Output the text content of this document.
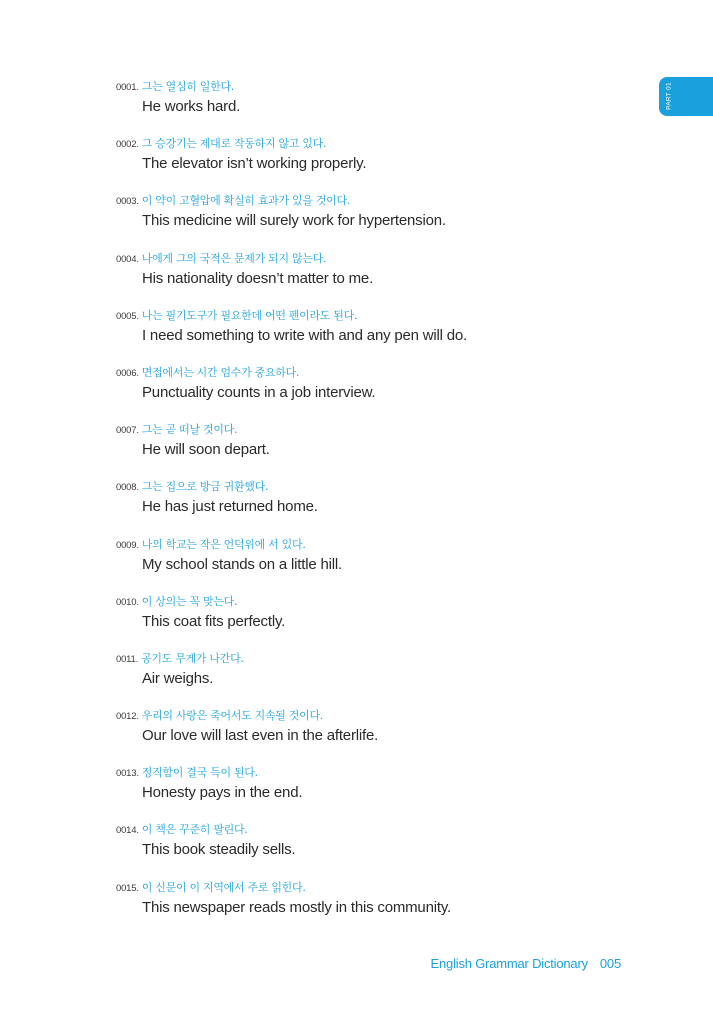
PART 01
0001. 그는 열심히 일한다.
He works hard.
0002. 그 승강기는 제대로 작동하지 않고 있다.
The elevator isn’t working properly.
0003. 이 약이 고혈압에 확실히 효과가 있을 것이다.
This medicine will surely work for hypertension.
0004. 나에게 그의 국적은 문제가 되지 않는다.
His nationality doesn’t matter to me.
0005. 나는 필기도구가 필요한데 어떤 펜이라도 된다.
I need something to write with and any pen will do.
0006. 면접에서는 시간 엄수가 중요하다.
Punctuality counts in a job interview.
0007. 그는 곧 떠날 것이다.
He will soon depart.
0008. 그는 집으로 방금 귀환했다.
He has just returned home.
0009. 나의 학교는 작은 언덕위에 서 있다.
My school stands on a little hill.
0010. 이 상의는 꼭 맞는다.
This coat fits perfectly.
0011. 공기도 무게가 나간다.
Air weighs.
0012. 우리의 사랑은 죽어서도 지속될 것이다.
Our love will last even in the afterlife.
0013. 정직함이 결국 득이 된다.
Honesty pays in the end.
0014. 이 책은 꾸준히 팔린다.
This book steadily sells.
0015. 이 신문이 이 지역에서 주로 읽힌다.
This newspaper reads mostly in this community.
English Grammar Dictionary 005
